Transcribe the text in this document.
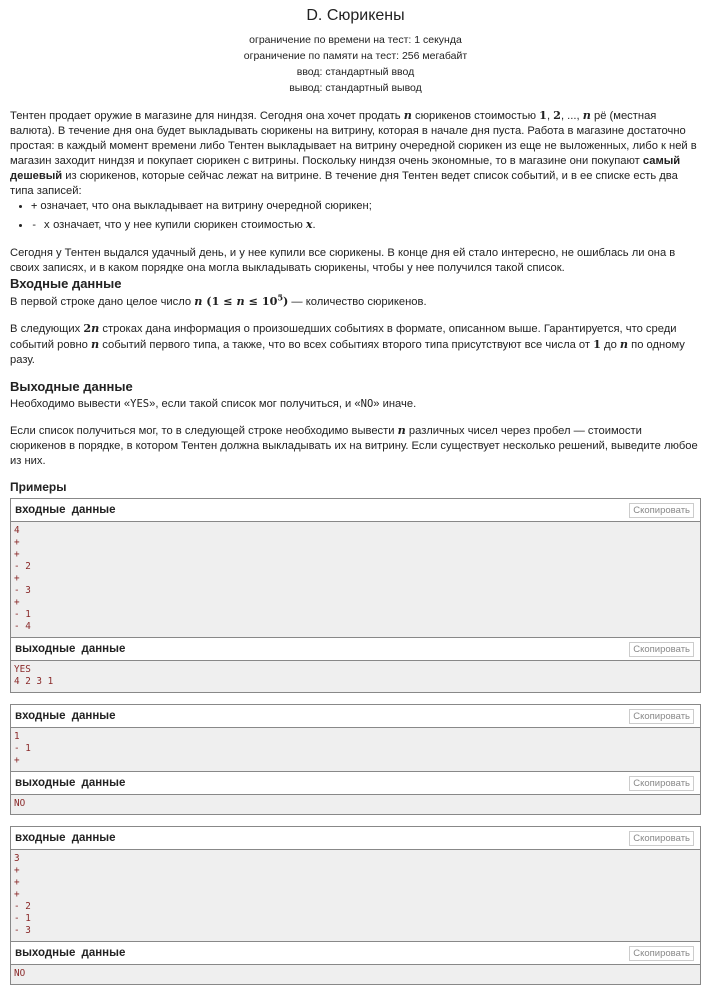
D. Сюрикены
ограничение по времени на тест: 1 секунда
ограничение по памяти на тест: 256 мегабайт
ввод: стандартный ввод
вывод: стандартный вывод

Тентен продает оружие в магазине для ниндзя. Сегодня она хочет продать n сюрикенов стоимостью 1, 2, ..., n рё (местная валюта). В течение дня она будет выкладывать сюрикены на витрину, которая в начале дня пуста. Работа в магазине достаточно простая: в каждый момент времени либо Тентен выкладывает на витрину очередной сюрикен из еще не выложенных, либо к ней в магазин заходит ниндзя и покупает сюрикен с витрины. Поскольку ниндзя очень экономные, то в магазине они покупают самый дешевый из сюрикенов, которые сейчас лежат на витрине. В течение дня Тентен ведет список событий, и в ее списке есть два типа записей:

• + означает, что она выкладывает на витрину очередной сюрикен;
• - x означает, что у нее купили сюрикен стоимостью x.

Сегодня у Тентен выдался удачный день, и у нее купили все сюрикены. В конце дня ей стало интересно, не ошиблась ли она в своих записях, и в каком порядке она могла выкладывать сюрикены, чтобы у нее получился такой список.

Входные данные

В первой строке дано целое число n $(1 \le n \le 10^5)$ — количество сюрикенов.

В следующих 2n строках дана информация о произошедших событиях в формате, описанном выше. Гарантируется, что среди событий ровно n событий первого типа, а также, что во всех событиях второго типа присутствуют все числа от 1 до n по одному разу.

Выходные данные

Необходимо вывести «YES», если такой список мог получиться, и «NO» иначе.

Если список получиться мог, то в следующей строке необходимо вывести n различных чисел через пробел — стоимости сюрикенов в порядке, в котором Тентен должна выкладывать их на витрину. Если существует несколько решений, выведите любое из них.

Примеры
входные данные	Скопировать
4
+
+
- 2
+
- 3
+
- 1
- 4
выходные данные	Скопировать
YES
4 2 3 1
входные данные	Скопировать
1
- 1
+
выходные данные	Скопировать
NO
входные данные	Скопировать
3
+
+
+
- 2
- 1
- 3
выходные данные	Скопировать
NO
